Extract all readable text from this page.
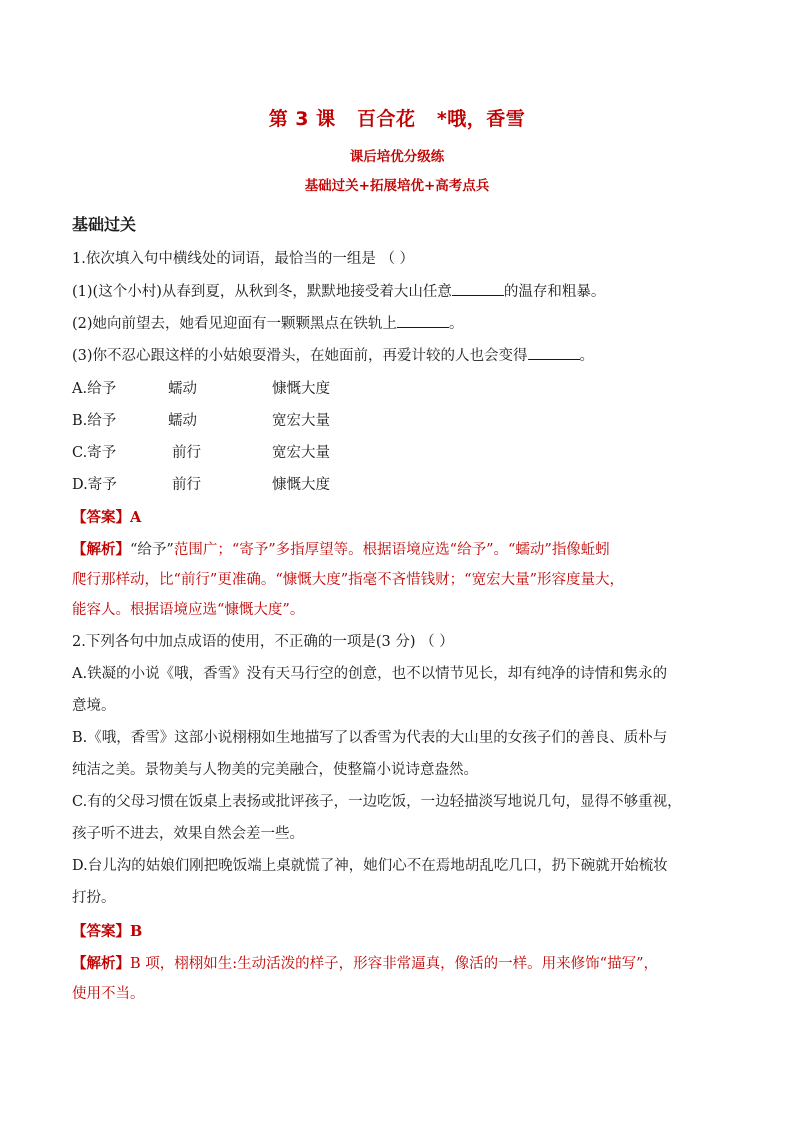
第 3 课 百合花 *哦，香雪
课后培优分级练
基础过关+拓展培优+高考点兵
基础过关
1.依次填入句中横线处的词语，最恰当的一组是 （ ）
(1)(这个小村)从春到夏，从秋到冬，默默地接受着大山任意	的温存和粗暴。
(2)她向前望去，她看见迎面有一颗颗黑点在铁轨上	。
(3)你不忍心跟这样的小姑娘耍滑头，在她面前，再爱计较的人也会变得	。
A.给予	蠕动	慷慨大度
B.给予	蠕动	宽宏大量
C.寄予	前行	宽宏大量
D.寄予	前行	慷慨大度
【答案】A
【解析】“给予”范围广；“寄予”多指厚望等。根据语境应选“给予”。“蠕动”指像蚯蚓
爬行那样动，比“前行”更准确。“慷慨大度”指毫不吝惜钱财；“宽宏大量”形容度量大，
能容人。根据语境应选“慷慨大度”。
2.下列各句中加点成语的使用，不正确的一项是(3 分) （ ）
A.铁凝的小说《哦，香雪》没有天马行空的创意，也不以情节见长，却有纯净的诗情和隽永的
意境。
B.《哦，香雪》这部小说栩栩如生地描写了以香雪为代表的大山里的女孩子们的善良、质朴与
纯洁之美。景物美与人物美的完美融合，使整篇小说诗意盎然。
C.有的父母习惯在饭桌上表扬或批评孩子，一边吃饭，一边轻描淡写地说几句，显得不够重视，
孩子听不进去，效果自然会差一些。
D.台儿沟的姑娘们刚把晚饭端上桌就慌了神，她们心不在焉地胡乱吃几口，扔下碗就开始梳妆
打扮。
【答案】B
【解析】B 项，栩栩如生:生动活泼的样子，形容非常逼真，像活的一样。用来修饰“描写”，
使用不当。
